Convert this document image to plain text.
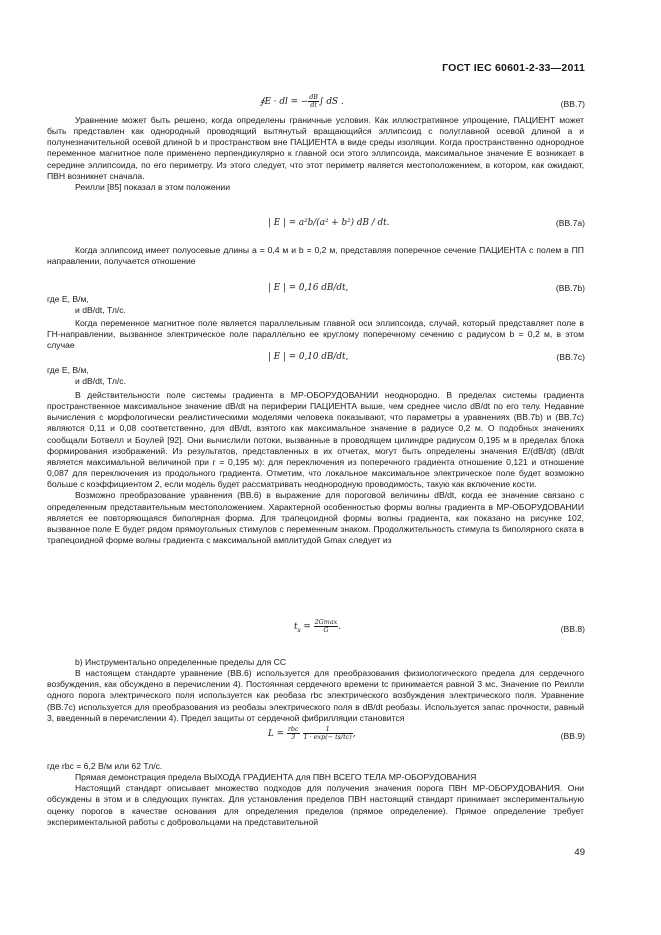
ГОСТ IEC 60601-2-33—2011
∮E · dl = − $\frac{dB}{dt}$ ∫ dS .	(BB.7)

Уравнение может быть решено, когда определены граничные условия. Как иллюстративное упрощение, ПАЦИЕНТ может быть представлен как однородный проводящий вытянутый вращающийся эллипсоид с полуглавной осевой длиной a и полунезначительной осевой длиной b и пространством вне ПАЦИЕНТА в виде среды изоляции. Когда пространственно однородное переменное магнитное поле применено перпендикулярно к главной оси этого эллипсоида, максимальное значение E возникает в середине эллипсоида, по его периметру. Из этого следует, что этот периметр является местоположением, в котором, как ожидают, ПВН возникнет сначала.

Реилли [85] показал в этом положении

| E | = a²b/(a² + b²) dB / dt.	(BB.7a)

Когда эллипсоид имеет полуосевые длины a = 0,4 м и b = 0,2 м, представляя поперечное сечение ПАЦИЕНТА с полем в ПП направлении, получается отношение

| E | = 0,16 dB/dt,	(BB.7b)

где E, В/м,

и dB/dt, Тл/с.

Когда переменное магнитное поле является параллельным главной оси эллипсоида, случай, который представляет поле в ГН-направлении, вызванное электрическое поле параллельно ее круглому поперечному сечению с радиусом b = 0,2 м, в этом случае

| E | = 0,10 dB/dt,	(BB.7c)

где E, В/м,

и dB/dt, Тл/с.

В действительности поле системы градиента в МР-ОБОРУДОВАНИИ неоднородно. В пределах системы градиента пространственное максимальное значение dB/dt на периферии ПАЦИЕНТА выше, чем среднее число dB/dt по его телу. Недавние вычисления с морфологически реалистическими моделями человека показывают, что параметры в уравнениях (BB.7b) и (BB.7c) являются 0,11 и 0,08 соответственно, для dB/dt, взятого как максимальное значение в радиусе 0,2 м. О подобных значениях сообщали Ботвелл и Боулей [92]. Они вычислили потоки, вызванные в проводящем цилиндре радиусом 0,195 м в пределах блока формирования изображений. Из результатов, представленных в их отчетах, могут быть определены значения E/(dB/dt) (dB/dt является максимальной величиной при r = 0,195 м): для переключения из поперечного градиента отношение 0,121 и отношение 0,087 для переключения из продольного градиента. Отметим, что локальное максимальное электрическое поле будет возможно больше с коэффициентом 2, если модель будет рассматривать неоднородную проводимость, такую как включение кости.

Возможно преобразование уравнения (BB.6) в выражение для пороговой величины dB/dt, когда ее значение связано с определенным представительным местоположением. Характерной особенностью формы волны градиента в МР-ОБОРУДОВАНИИ является ее повторяющаяся биполярная форма. Для трапецоидной формы волны градиента, как показано на рисунке 102, вызванное поле E будет рядом прямоугольных стимулов с переменным знаком. Продолжительность стимула ts биполярного ската в трапецоидной форме волны градиента с максимальной амплитудой Gmax следует из

$t_s = \frac{2Gmax}{G}$ .	(BB.8)

b) Инструментально определенные пределы для СС

В настоящем стандарте уравнение (BB.6) используется для преобразования физиологического предела для сердечного возбуждения, как обсуждено в перечислении 4). Постоянная сердечного времени tc принимается равной 3 мс. Значение по Реилли одного порога электрического поля используется как реобаза rbc электрического возбуждения электрического поля. Уравнение (BB.7c) используется для преобразования из реобазы электрического поля в dB/dt реобазы. Используется запас прочности, равный 3, введенный в перечислении 4). Предел защиты от сердечной фибрилляции становится

$L = \frac{\text{rbc}}{3} \frac{1}{1 \cdot \exp(- ts/tc)}$ ,	(BB.9)

где rbc = 6,2 В/м или 62 Тл/с.

Прямая демонстрация предела ВЫХОДА ГРАДИЕНТА для ПВН ВСЕГО ТЕЛА МР-ОБОРУДОВАНИЯ

Настоящий стандарт описывает множество подходов для получения значения порога ПВН МР-ОБОРУДОВАНИЯ. Они обсуждены в этом и в следующих пунктах. Для установления пределов ПВН настоящий стандарт принимает экспериментальную оценку порогов в качестве основания для определения пределов (прямое определение). Прямое определение требует экспериментальной работы с добровольцами на представительной

49
